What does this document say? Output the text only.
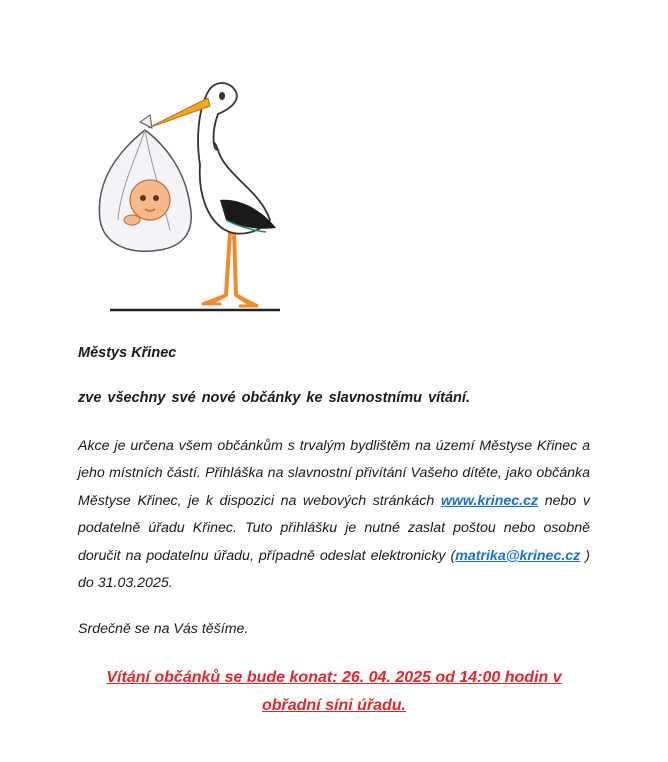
Městys Křinec
zve všechny své nové občánky ke slavnostnímu vítání.
Akce je určena všem občánkům s trvalým bydlištěm na území Městyse Křinec a jeho místních částí. Přihláška na slavnostní přivítání Vašeho dítěte, jako občánka Městyse Křinec, je k dispozici na webových stránkách www.krinec.cz nebo v podatelně úřadu Křinec. Tuto přihlášku je nutné zaslat poštou nebo osobně doručit na podatelnu úřadu, případně odeslat elektronicky (matrika@krinec.cz ) do 31.03.2025.
Srdečně se na Vás těšíme.
Vítání občánků se bude konat: 26. 04. 2025 od 14:00 hodin v
obřadní síni úřadu.
